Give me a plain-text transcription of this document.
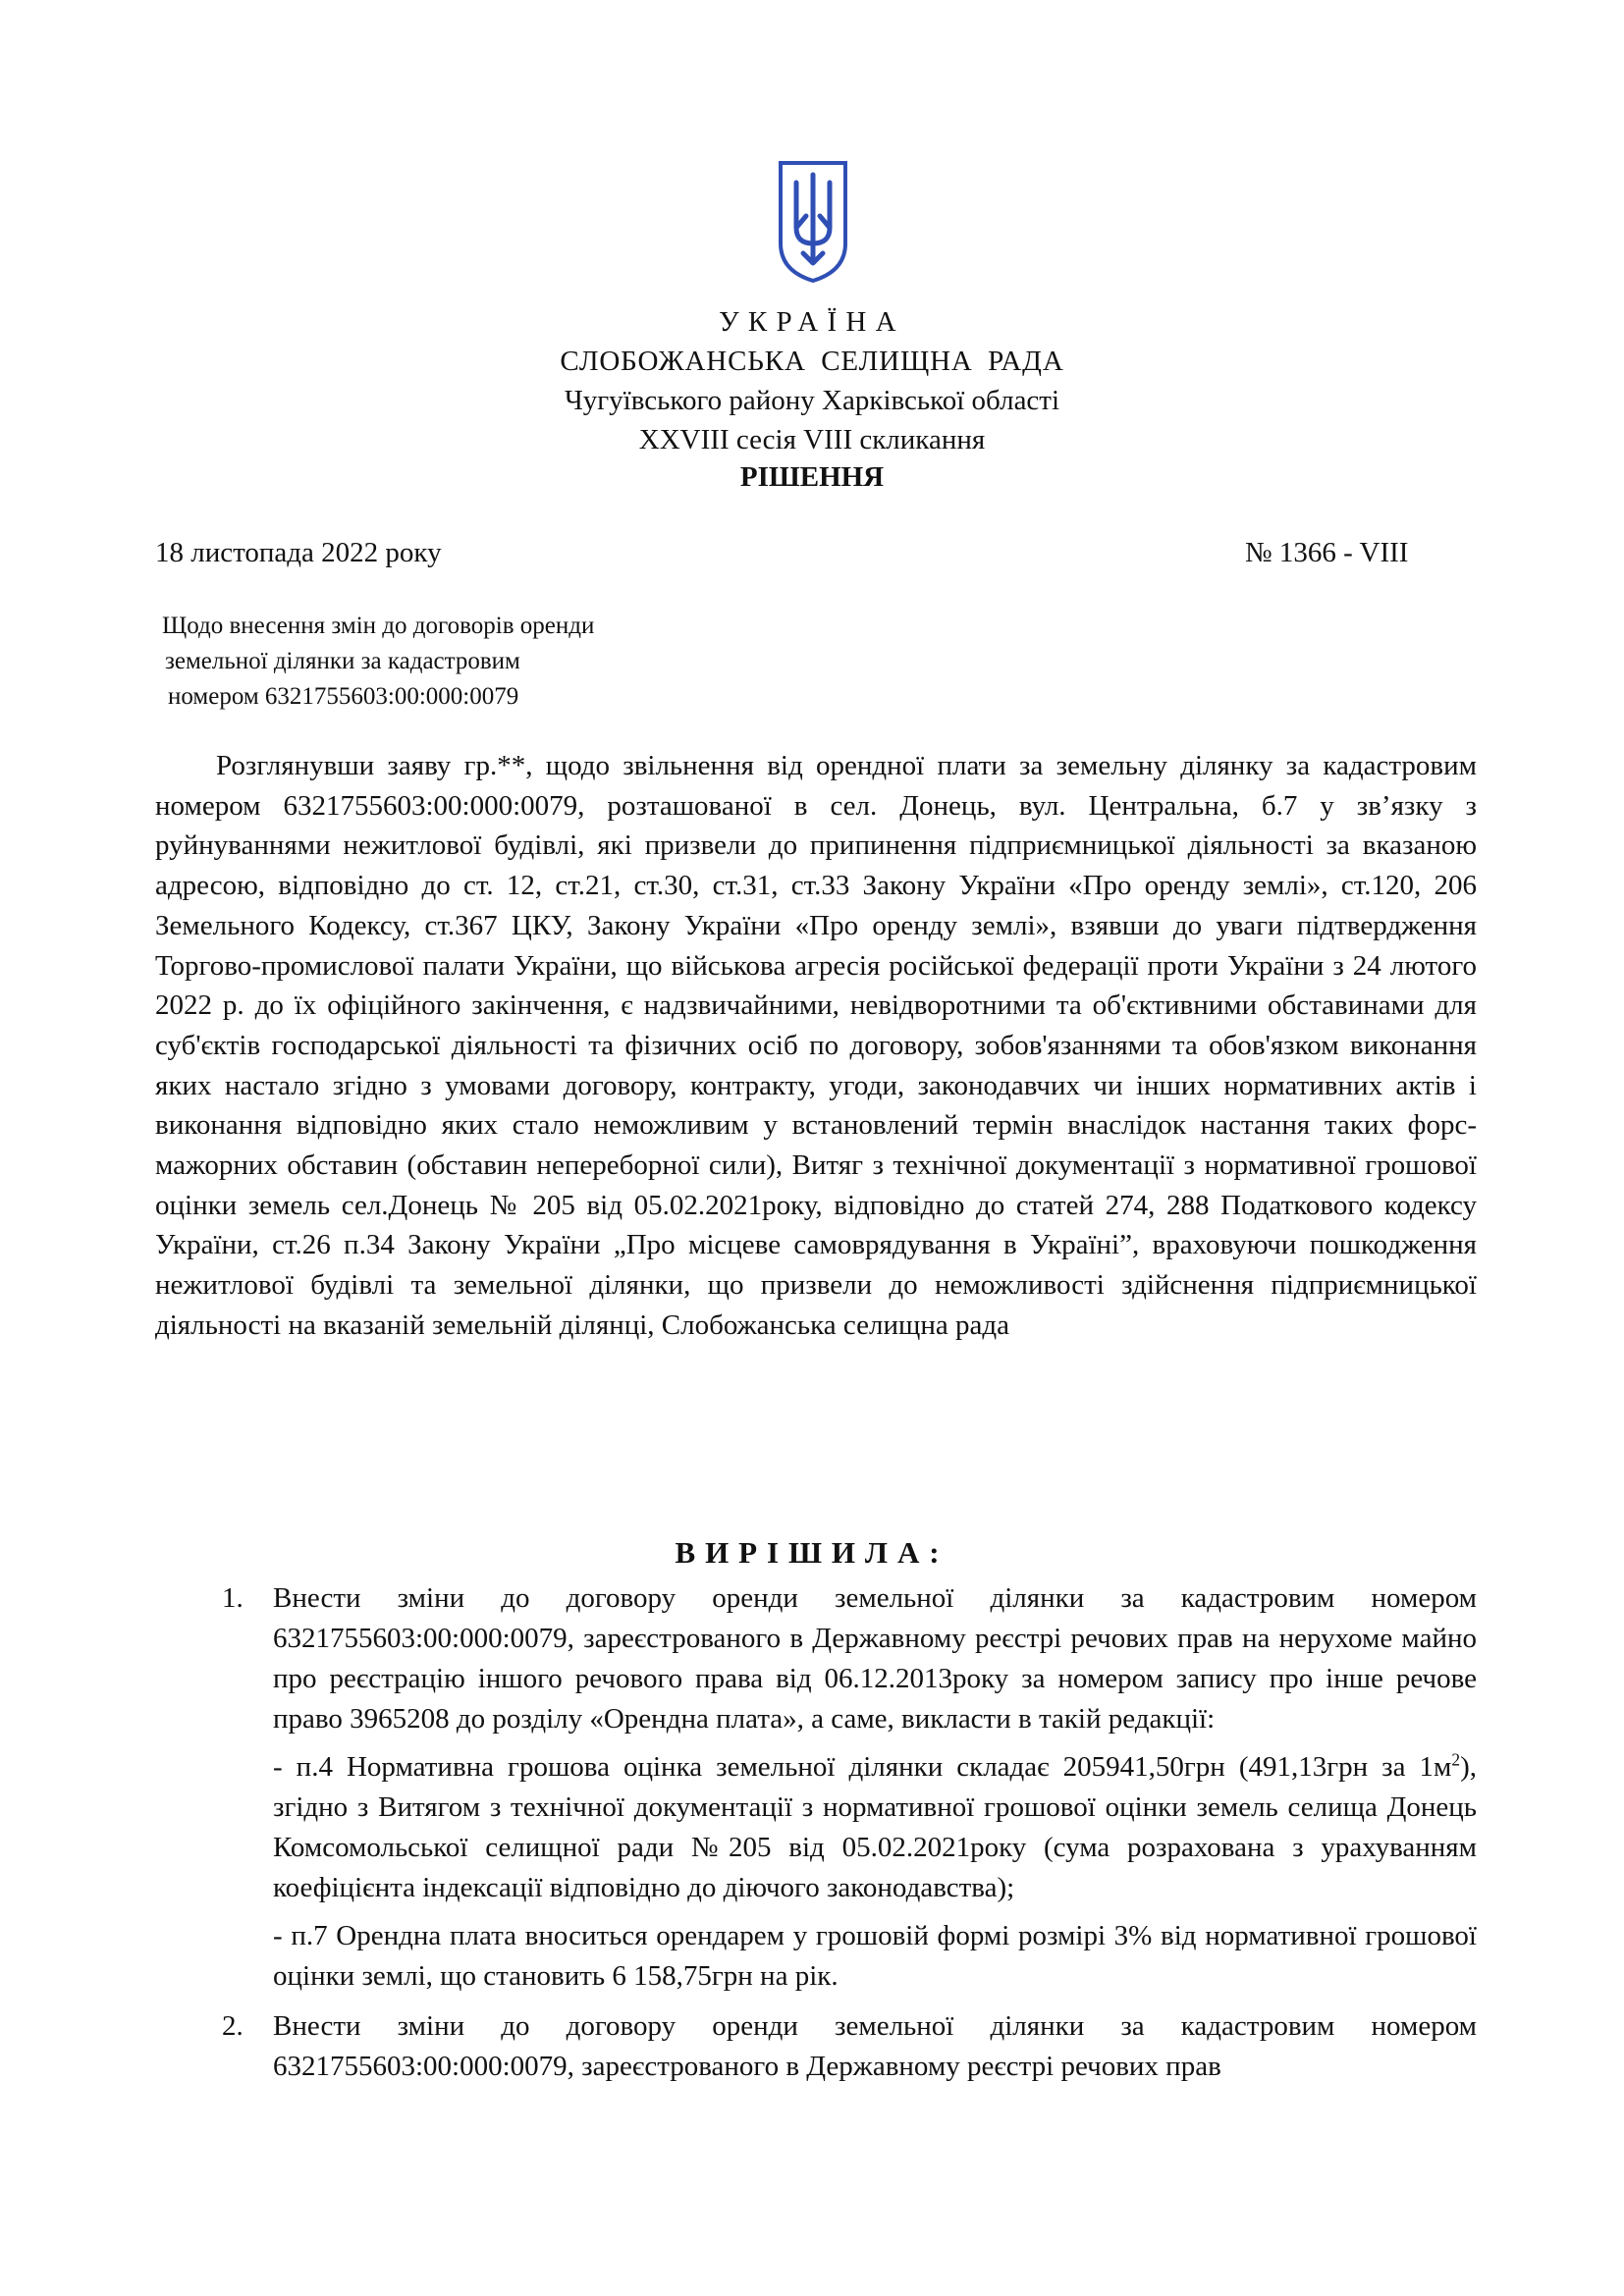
УКРАЇНА
СЛОБОЖАНСЬКА СЕЛИЩНА РАДА
Чугуївського району Харківської області
XXVIII сесія VIII скликання
РІШЕННЯ
18 листопада 2022 року	№ 1366 - VIII
Щодо внесення змін до договорів оренди
земельної ділянки за кадастровим
номером 6321755603:00:000:0079

Розглянувши заяву гр.**, щодо звільнення від орендної плати за земельну ділянку за кадастровим номером 6321755603:00:000:0079, розташованої в сел. Донець, вул. Центральна, б.7 у зв’язку з руйнуваннями нежитлової будівлі, які призвели до припинення підприємницької діяльності за вказаною адресою, відповідно до ст. 12, ст.21, ст.30, ст.31, ст.33 Закону України «Про оренду землі», ст.120, 206 Земельного Кодексу, ст.367 ЦКУ, Закону України «Про оренду землі», взявши до уваги підтвердження Торгово-промислової палати України, що військова агресія російської федерації проти України з 24 лютого 2022 р. до їх офіційного закінчення, є надзвичайними, невідворотними та об'єктивними обставинами для суб'єктів господарської діяльності та фізичних осіб по договору, зобов'язаннями та обов'язком виконання яких настало згідно з умовами договору, контракту, угоди, законодавчих чи інших нормативних актів і виконання відповідно яких стало неможливим у встановлений термін внаслідок настання таких форс-мажорних обставин (обставин непереборної сили), Витяг з технічної документації з нормативної грошової оцінки земель сел.Донець № 205 від 05.02.2021року, відповідно до статей 274, 288 Податкового кодексу України, ст.26 п.34 Закону України „Про місцеве самоврядування в Україні”, враховуючи пошкодження нежитлової будівлі та земельної ділянки, що призвели до неможливості здійснення підприємницької діяльності на вказаній земельній ділянці, Слобожанська селищна рада

ВИРІШИЛА:
1. Внести зміни до договору оренди земельної ділянки за кадастровим номером 6321755603:00:000:0079, зареєстрованого в Державному реєстрі речових прав на нерухоме майно про реєстрацію іншого речового права від 06.12.2013року за номером запису про інше речове право 3965208 до розділу «Орендна плата», а саме, викласти в такій редакції:

- п.4 Нормативна грошова оцінка земельної ділянки складає 205941,50грн (491,13грн за $1м^2$), згідно з Витягом з технічної документації з нормативної грошової оцінки земель селища Донець Комсомольської селищної ради №205 від 05.02.2021року (сума розрахована з урахуванням коефіцієнта індексації відповідно до діючого законодавства);

- п.7 Орендна плата вноситься орендарем у грошовій формі розмірі 3% від нормативної грошової оцінки землі, що становить 6 158,75грн на рік.

2. Внести зміни до договору оренди земельної ділянки за кадастровим номером 6321755603:00:000:0079, зареєстрованого в Державному реєстрі речових прав
